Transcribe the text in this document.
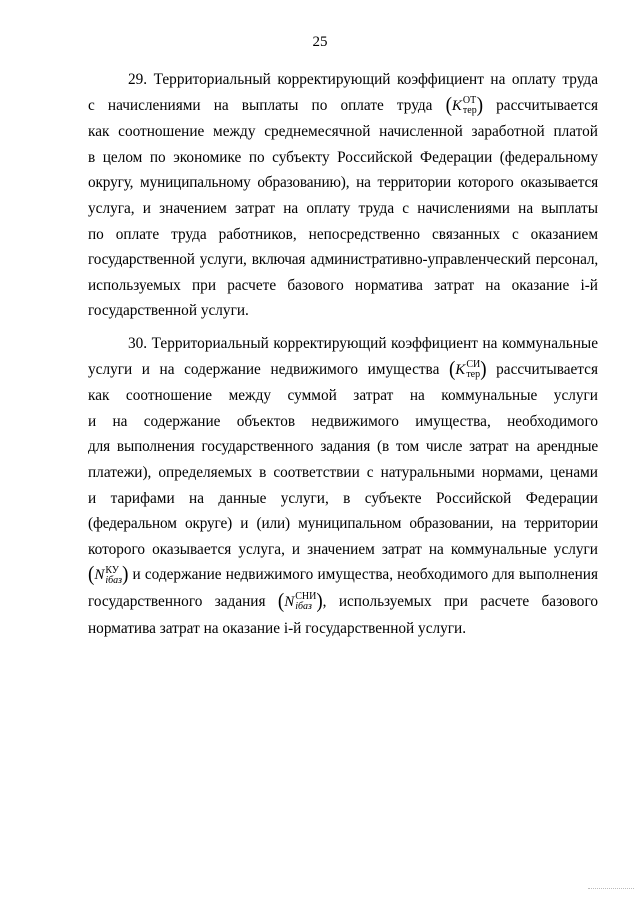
25
29. Территориальный корректирующий коэффициент на оплату труда
с начислениями на выплаты по оплате труда (K ОТ
тер ) рассчитывается
как соотношение между среднемесячной начисленной заработной платой
в целом по экономике по субъекту Российской Федерации (федеральному
округу, муниципальному образованию), на территории которого оказывается
услуга, и значением затрат на оплату труда с начислениями на выплаты
по оплате труда работников, непосредственно связанных с оказанием
государственной услуги, включая административно-управленческий персонал,
используемых при расчете базового норматива затрат на оказание i-й
государственной услуги.
30. Территориальный корректирующий коэффициент на коммунальные
услуги и на содержание недвижимого имущества (K СИ
тер ) рассчитывается
как соотношение между суммой затрат на коммунальные услуги
и на содержание объектов недвижимого имущества, необходимого
для выполнения государственного задания (в том числе затрат на арендные
платежи), определяемых в соответствии с натуральными нормами, ценами
и тарифами на данные услуги, в субъекте Российской Федерации
(федеральном округе) и (или) муниципальном образовании, на территории
которого оказывается услуга, и значением затрат на коммунальные услуги
(N КУ
iбаз ) и содержание недвижимого имущества, необходимого для выполнения
государственного задания (N СНИ
iбаз ), используемых при расчете базового
норматива затрат на оказание i-й государственной услуги.
